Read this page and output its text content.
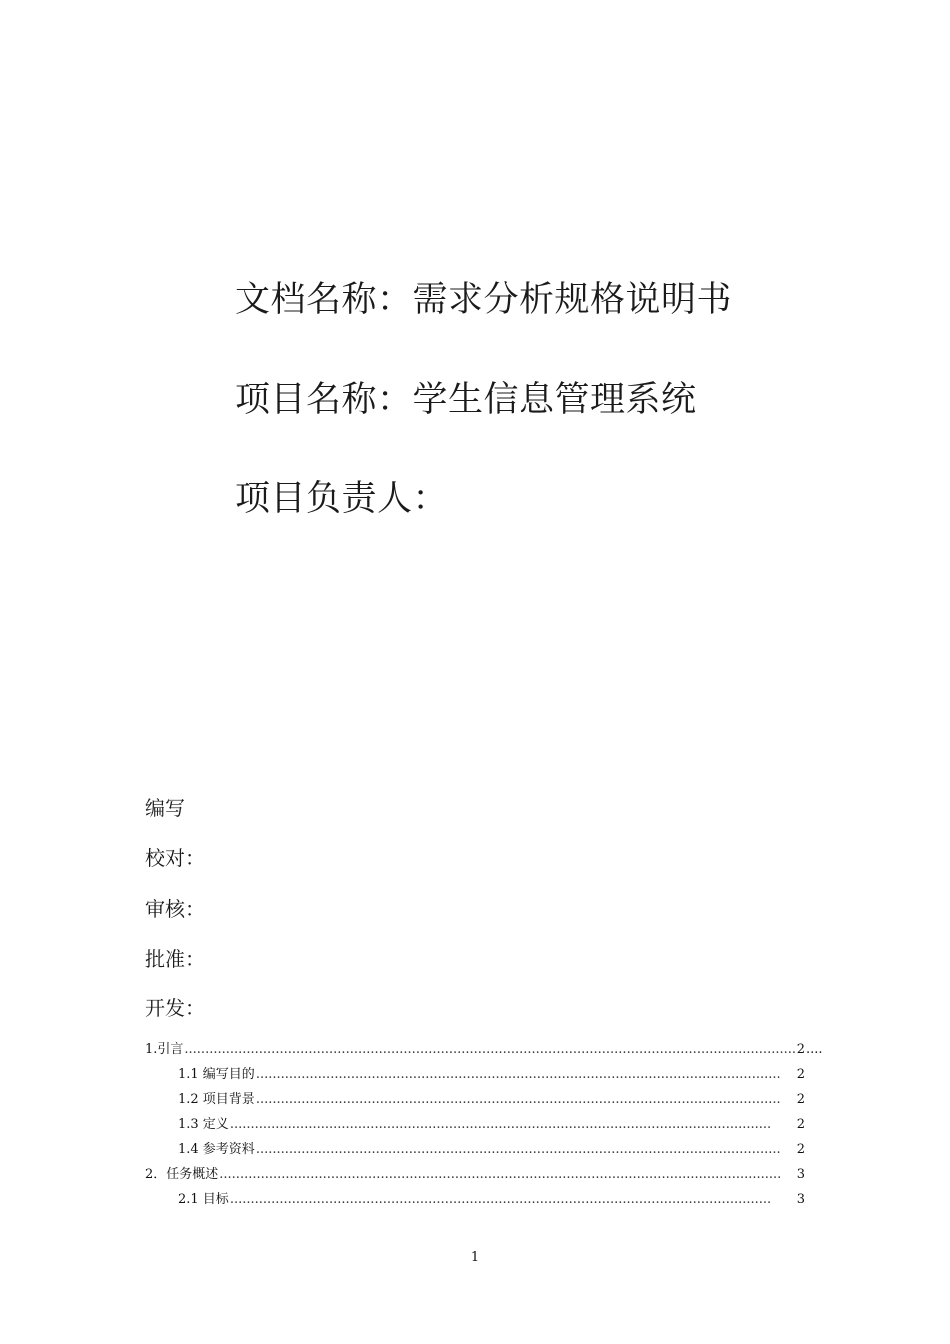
文档名称：需求分析规格说明书
项目名称：学生信息管理系统
项目负责人：
编写
校对：
审核：
批准：
开发：
1.引言 .....	2 ....
1.1 编写目的 .....	2
1.2 项目背景 .....	2
1.3 定义 .....	2
1.4 参考资料 .....	2
2．任务概述 .....	3
2.1 目标 .....	3
1
